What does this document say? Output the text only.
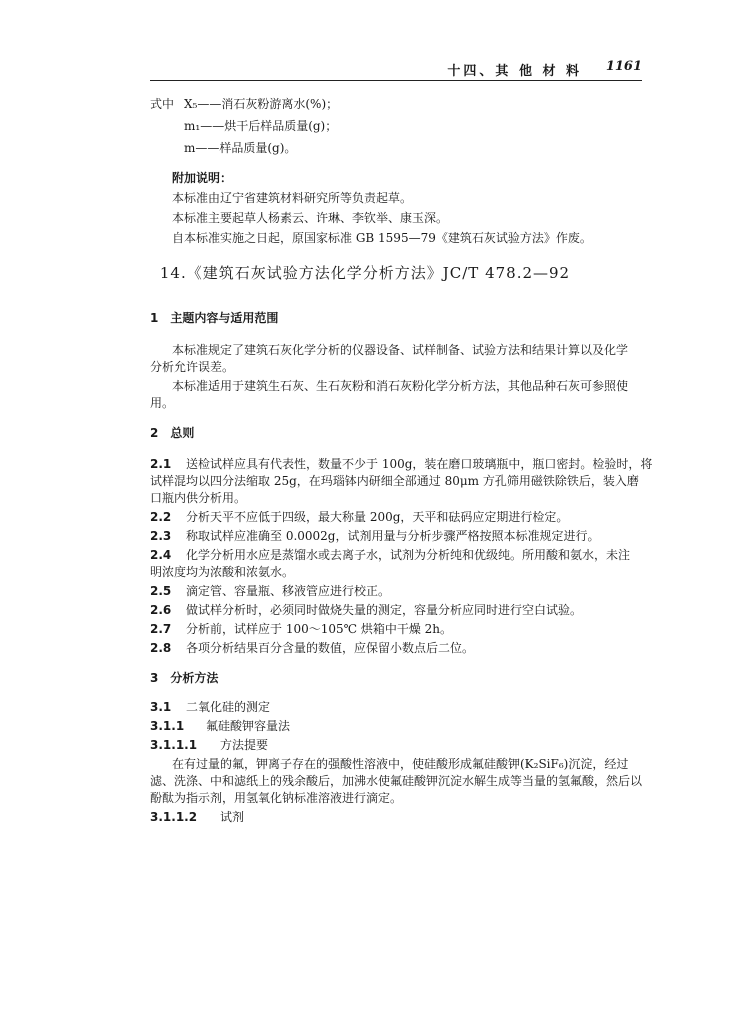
十四、其 他 材 料 1161
式中 X₅——消石灰粉游离水(%)；
m₁——烘干后样品质量(g)；
m——样品质量(g)。
附加说明：
本标准由辽宁省建筑材料研究所等负责起草。
本标准主要起草人杨素云、许琳、李钦举、康玉深。
自本标准实施之日起，原国家标准 GB 1595—79《建筑石灰试验方法》作废。
14.《建筑石灰试验方法化学分析方法》JC/T 478.2—92
1　主题内容与适用范围
本标准规定了建筑石灰化学分析的仪器设备、试样制备、试验方法和结果计算以及化学
分析允许误差。
本标准适用于建筑生石灰、生石灰粉和消石灰粉化学分析方法，其他品种石灰可参照使
用。
2　总则
2.1 送检试样应具有代表性，数量不少于 100g，装在磨口玻璃瓶中，瓶口密封。检验时，将
试样混均以四分法缩取 25g，在玛瑙钵内研细全部通过 80μm 方孔筛用磁铁除铁后，装入磨
口瓶内供分析用。
2.2 分析天平不应低于四级，最大称量 200g，天平和砝码应定期进行检定。
2.3 称取试样应准确至 0.0002g，试剂用量与分析步骤严格按照本标准规定进行。
2.4 化学分析用水应是蒸馏水或去离子水，试剂为分析纯和优级纯。所用酸和氨水，未注
明浓度均为浓酸和浓氨水。
2.5 滴定管、容量瓶、移液管应进行校正。
2.6 做试样分析时，必须同时做烧失量的测定，容量分析应同时进行空白试验。
2.7 分析前，试样应于 100～105℃ 烘箱中干燥 2h。
2.8 各项分析结果百分含量的数值，应保留小数点后二位。
3　分析方法
3.1 二氧化硅的测定
3.1.1 氟硅酸钾容量法
3.1.1.1 方法提要
在有过量的氟，钾离子存在的强酸性溶液中，使硅酸形成氟硅酸钾(K₂SiF₆)沉淀，经过
滤、洗涤、中和滤纸上的残余酸后，加沸水使氟硅酸钾沉淀水解生成等当量的氢氟酸，然后以
酚酞为指示剂，用氢氧化钠标准溶液进行滴定。
3.1.1.2 试剂
